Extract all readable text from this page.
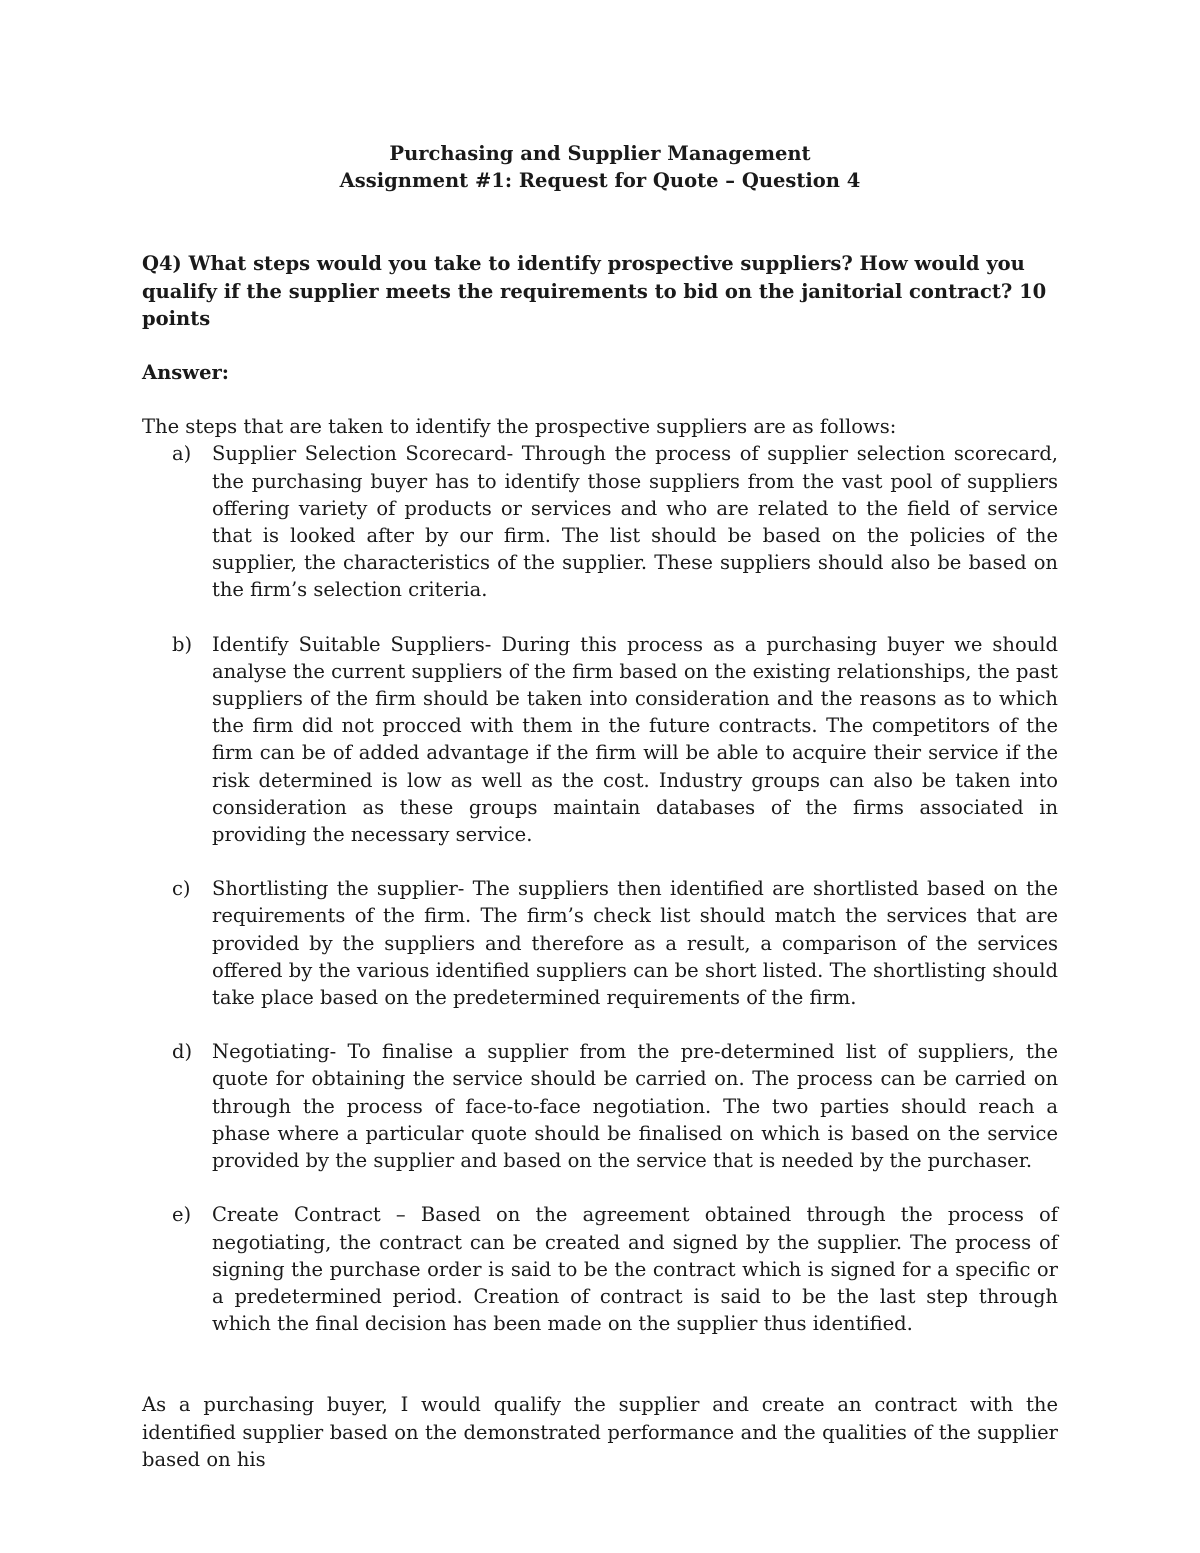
Purchasing and Supplier Management

Assignment #1: Request for Quote – Question 4

Q4) What steps would you take to identify prospective suppliers? How would you qualify if the supplier meets the requirements to bid on the janitorial contract? 10 points

Answer:

The steps that are taken to identify the prospective suppliers are as follows:

a)	Supplier Selection Scorecard- Through the process of supplier selection scorecard, the purchasing buyer has to identify those suppliers from the vast pool of suppliers offering variety of products or services and who are related to the field of service that is looked after by our firm. The list should be based on the policies of the supplier, the characteristics of the supplier. These suppliers should also be based on the firm’s selection criteria.
b)	Identify Suitable Suppliers- During this process as a purchasing buyer we should analyse the current suppliers of the firm based on the existing relationships, the past suppliers of the firm should be taken into consideration and the reasons as to which the firm did not procced with them in the future contracts. The competitors of the firm can be of added advantage if the firm will be able to acquire their service if the risk determined is low as well as the cost. Industry groups can also be taken into consideration as these groups maintain databases of the firms associated in providing the necessary service.
c)	Shortlisting the supplier- The suppliers then identified are shortlisted based on the requirements of the firm. The firm’s check list should match the services that are provided by the suppliers and therefore as a result, a comparison of the services offered by the various identified suppliers can be short listed. The shortlisting should take place based on the predetermined requirements of the firm.
d)	Negotiating- To finalise a supplier from the pre-determined list of suppliers, the quote for obtaining the service should be carried on. The process can be carried on through the process of face-to-face negotiation. The two parties should reach a phase where a particular quote should be finalised on which is based on the service provided by the supplier and based on the service that is needed by the purchaser.
e)	Create Contract – Based on the agreement obtained through the process of negotiating, the contract can be created and signed by the supplier. The process of signing the purchase order is said to be the contract which is signed for a specific or a predetermined period. Creation of contract is said to be the last step through which the final decision has been made on the supplier thus identified.

As a purchasing buyer, I would qualify the supplier and create an contract with the identified supplier based on the demonstrated performance and the qualities of the supplier based on his
